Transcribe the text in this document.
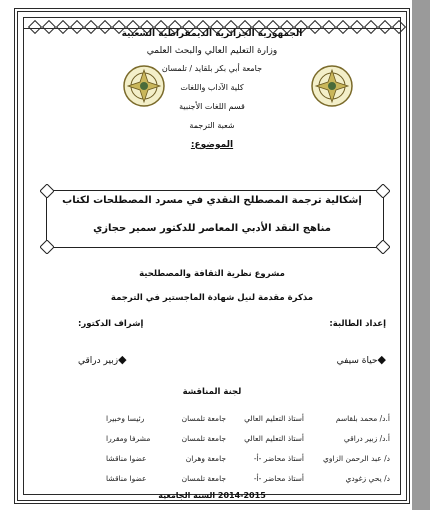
الجمهورية الجزائرية الديمقراطية الشعبية
وزارة التعليم العالي والبحث العلمي
جامعة أبي بكر بلقايد / تلمسان
كلية الآداب واللغات
قسم اللغات الأجنبية
شعبة الترجمة
الموضوع:
إشكالية ترجمة المصطلح النقدي في مسرد المصطلحات لكتاب
مناهج النقد الأدبي المعاصر للدكتور سمير حجازي
مشروع نظرية الثقافة والمصطلحية
مذكرة مقدمة لنيل شهادة الماجستير في الترجمة
إعداد الطالبة:
إشراف الدكتور:
◆حياة سيفي
◆زبير دراقي
لجنة المناقشة
أ.د/ محمد بلقاسم
أستاذ التعليم العالي
جامعة تلمسان
رئيسا وخبيرا
أ.د/ زبير دراقي
أستاذ التعليم العالي
جامعة تلمسان
مشرفا ومقررا
د/ عبد الرحمن الزاوي
أستاذ محاضر -أ-
جامعة وهران
عضوا مناقشا
د/ يحي زغودي
أستاذ محاضر -أ-
جامعة تلمسان
عضوا مناقشا
2014-2015 السنة الجامعية
